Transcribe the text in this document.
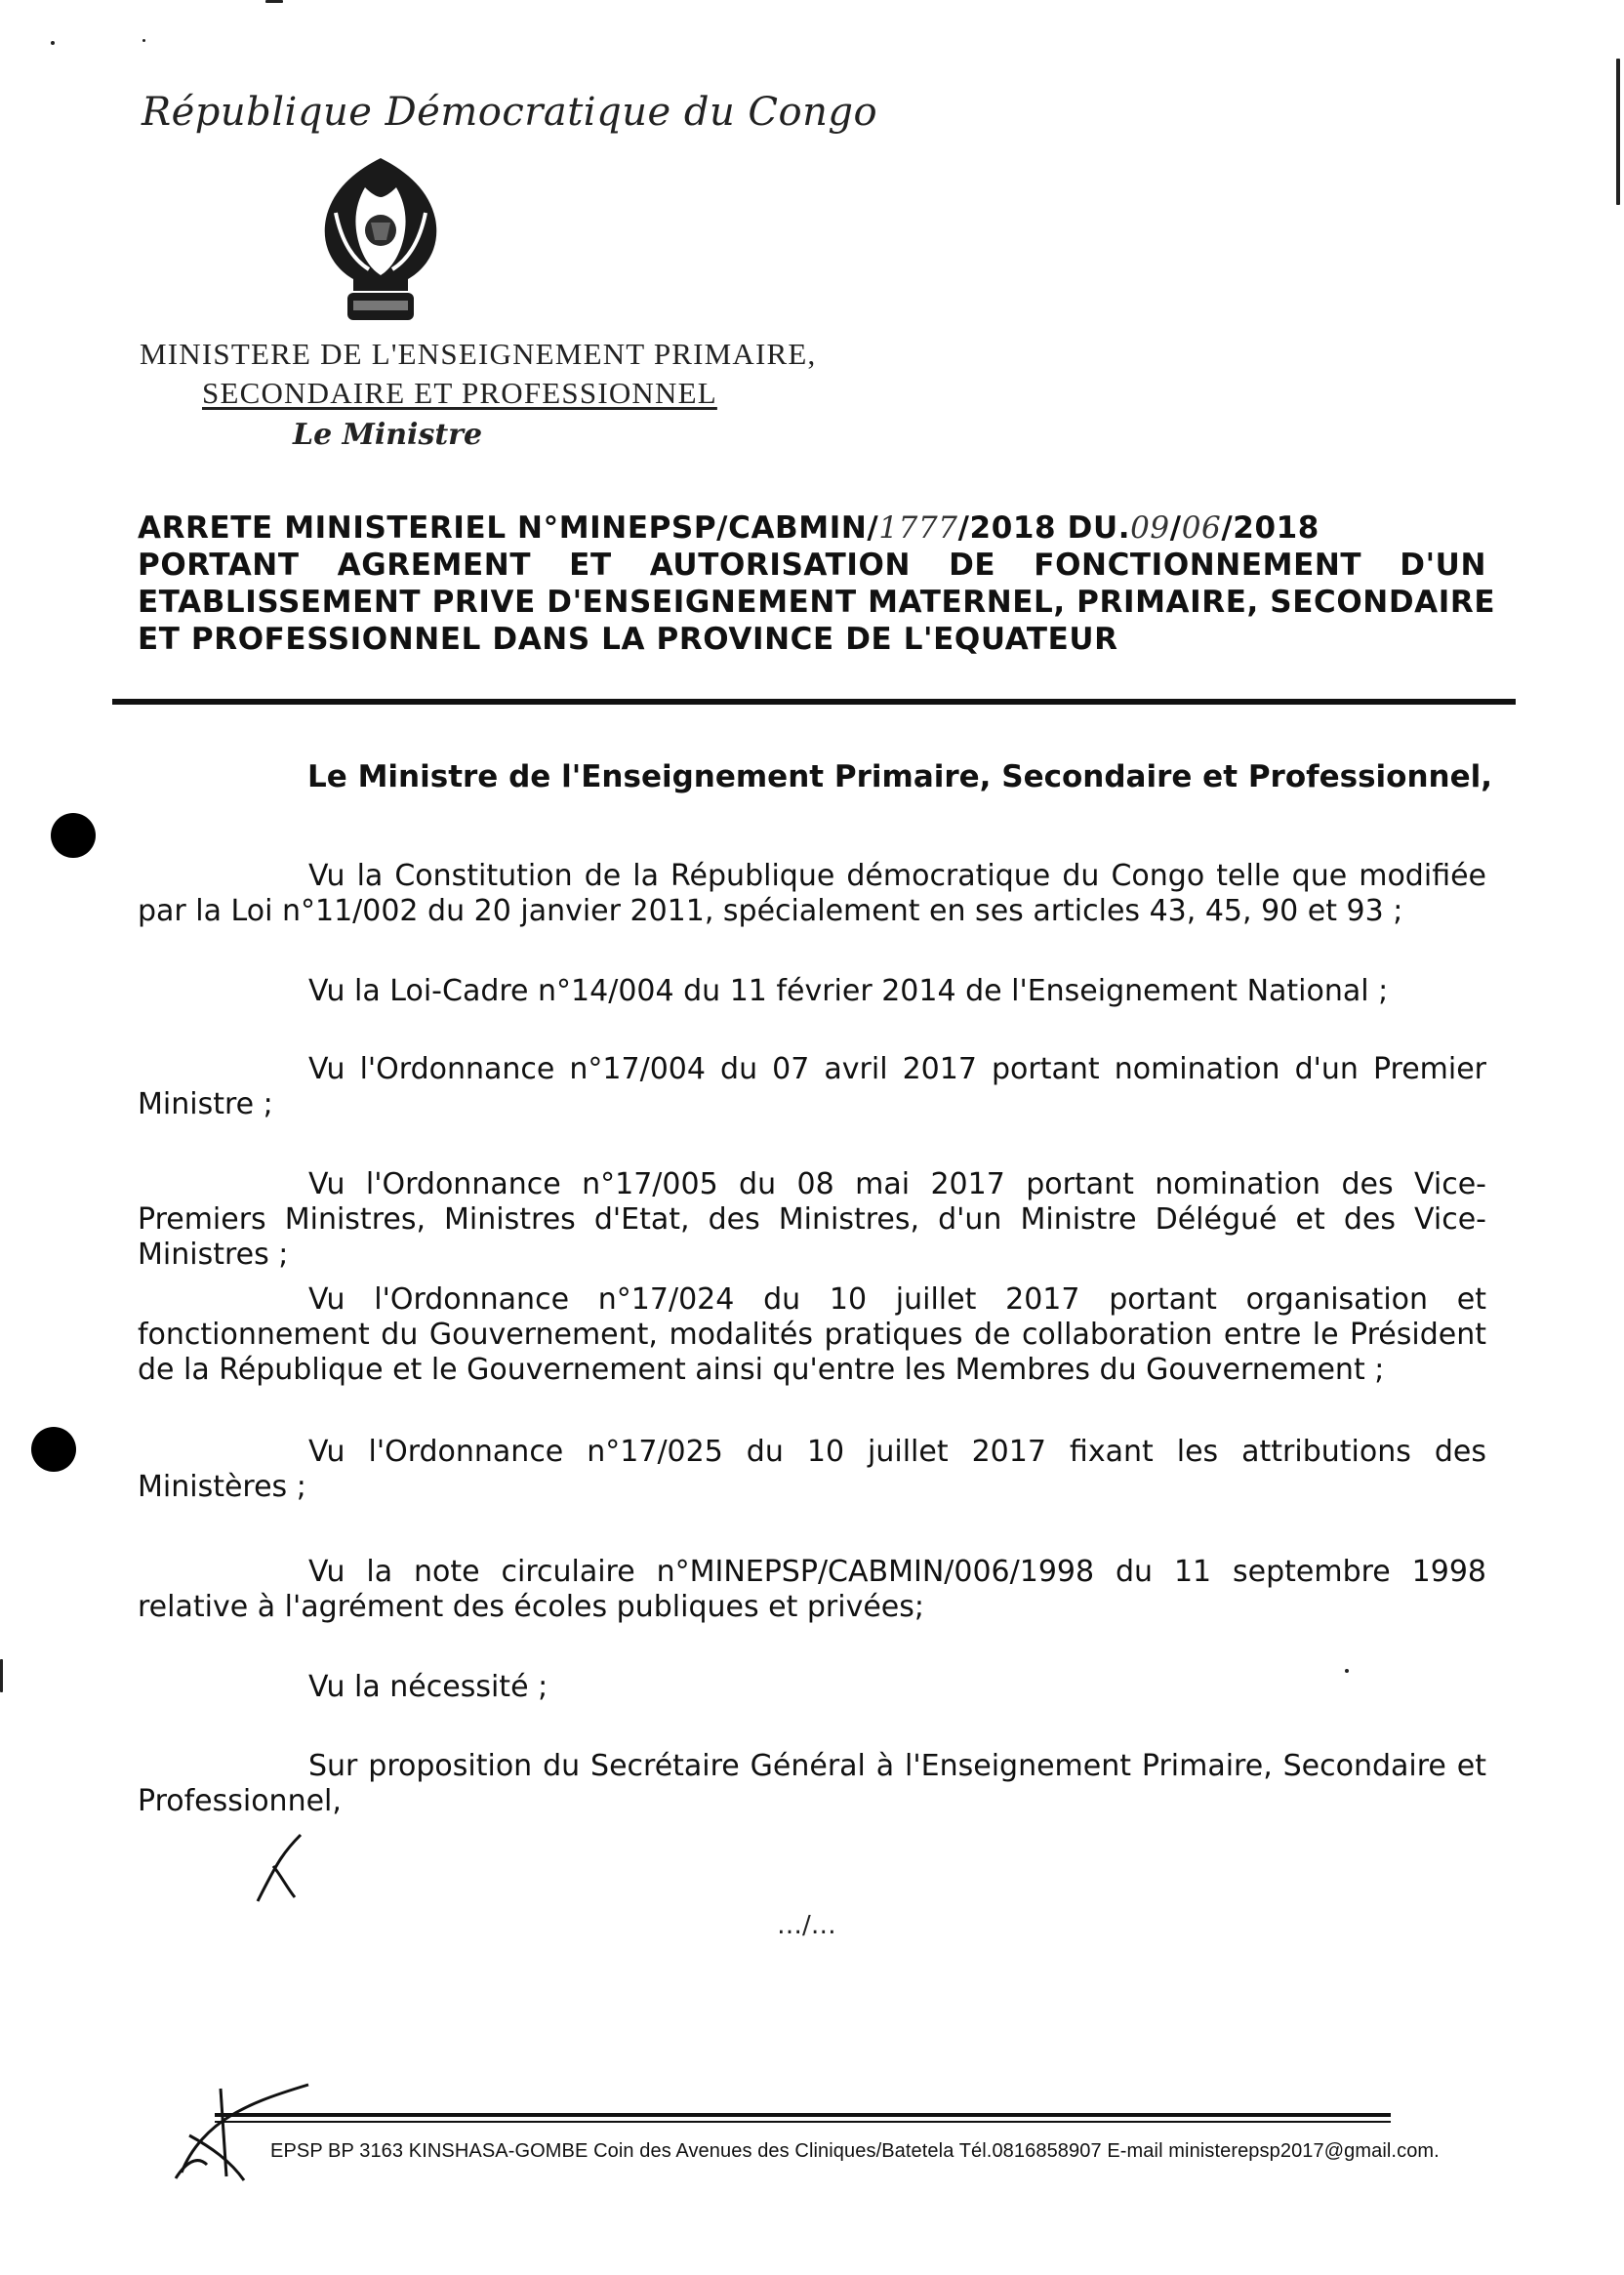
République Démocratique du Congo
MINISTERE DE L'ENSEIGNEMENT PRIMAIRE,
SECONDAIRE ET PROFESSIONNEL
Le Ministre
ARRETE MINISTERIEL N°MINEPSP/CABMIN/1777/2018 DU.09/06/2018
PORTANT AGREMENT ET AUTORISATION DE FONCTIONNEMENT D'UN
ETABLISSEMENT PRIVE D'ENSEIGNEMENT MATERNEL, PRIMAIRE, SECONDAIRE
ET PROFESSIONNEL DANS LA PROVINCE DE L'EQUATEUR
Le Ministre de l'Enseignement Primaire, Secondaire et Professionnel,
Vu la Constitution de la République démocratique du Congo telle que modifiée par la Loi n°11/002 du 20 janvier 2011, spécialement en ses articles 43, 45, 90 et 93 ;
Vu la Loi-Cadre n°14/004 du 11 février 2014 de l'Enseignement National ;
Vu l'Ordonnance n°17/004 du 07 avril 2017 portant nomination d'un Premier Ministre ;
Vu l'Ordonnance n°17/005 du 08 mai 2017 portant nomination des Vice-Premiers Ministres, Ministres d'Etat, des Ministres, d'un Ministre Délégué et des Vice-Ministres ;
Vu l'Ordonnance n°17/024 du 10 juillet 2017 portant organisation et fonctionnement du Gouvernement, modalités pratiques de collaboration entre le Président de la République et le Gouvernement ainsi qu'entre les Membres du Gouvernement ;
Vu l'Ordonnance n°17/025 du 10 juillet 2017 fixant les attributions des Ministères ;
Vu la note circulaire n°MINEPSP/CABMIN/006/1998 du 11 septembre 1998 relative à l'agrément des écoles publiques et privées;
Vu la nécessité ;
Sur proposition du Secrétaire Général à l'Enseignement Primaire, Secondaire et Professionnel,
…/…
EPSP BP 3163 KINSHASA-GOMBE Coin des Avenues des Cliniques/Batetela Tél.0816858907 E-mail ministerepsp2017@gmail.com.
